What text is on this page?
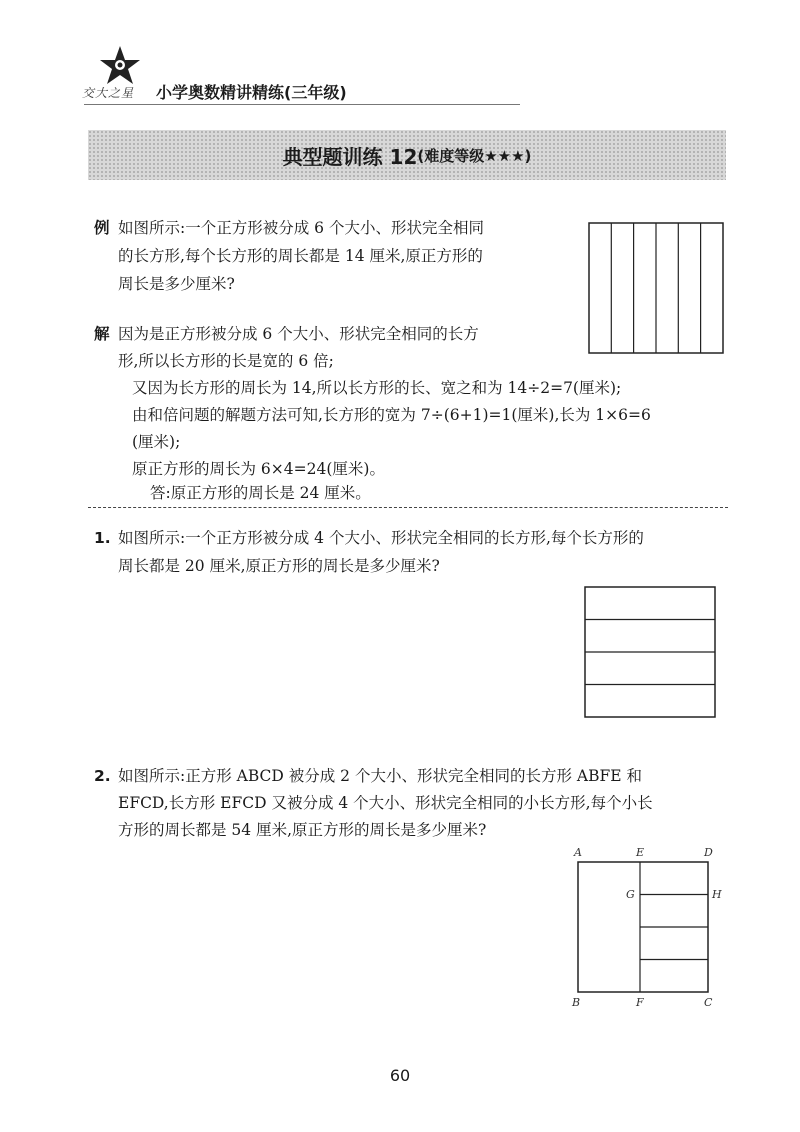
交大之星 小学奥数精讲精练(三年级)
典型题训练 12 (难度等级★★★)
例 如图所示:一个正方形被分成 6 个大小、形状完全相同
的长方形,每个长方形的周长都是 14 厘米,原正方形的
周长是多少厘米?
解 因为是正方形被分成 6 个大小、形状完全相同的长方
形,所以长方形的长是宽的 6 倍;
又因为长方形的周长为 14,所以长方形的长、宽之和为 14÷2=7(厘米);
由和倍问题的解题方法可知,长方形的宽为 7÷(6+1)=1(厘米),长为 1×6=6
(厘米);
原正方形的周长为 6×4=24(厘米)。
答:原正方形的周长是 24 厘米。
1. 如图所示:一个正方形被分成 4 个大小、形状完全相同的长方形,每个长方形的
周长都是 20 厘米,原正方形的周长是多少厘米?
2. 如图所示:正方形 ABCD 被分成 2 个大小、形状完全相同的长方形 ABFE 和
EFCD,长方形 EFCD 又被分成 4 个大小、形状完全相同的小长方形,每个小长
方形的周长都是 54 厘米,原正方形的周长是多少厘米?
A	E	D
G	H
B	F	C
60
